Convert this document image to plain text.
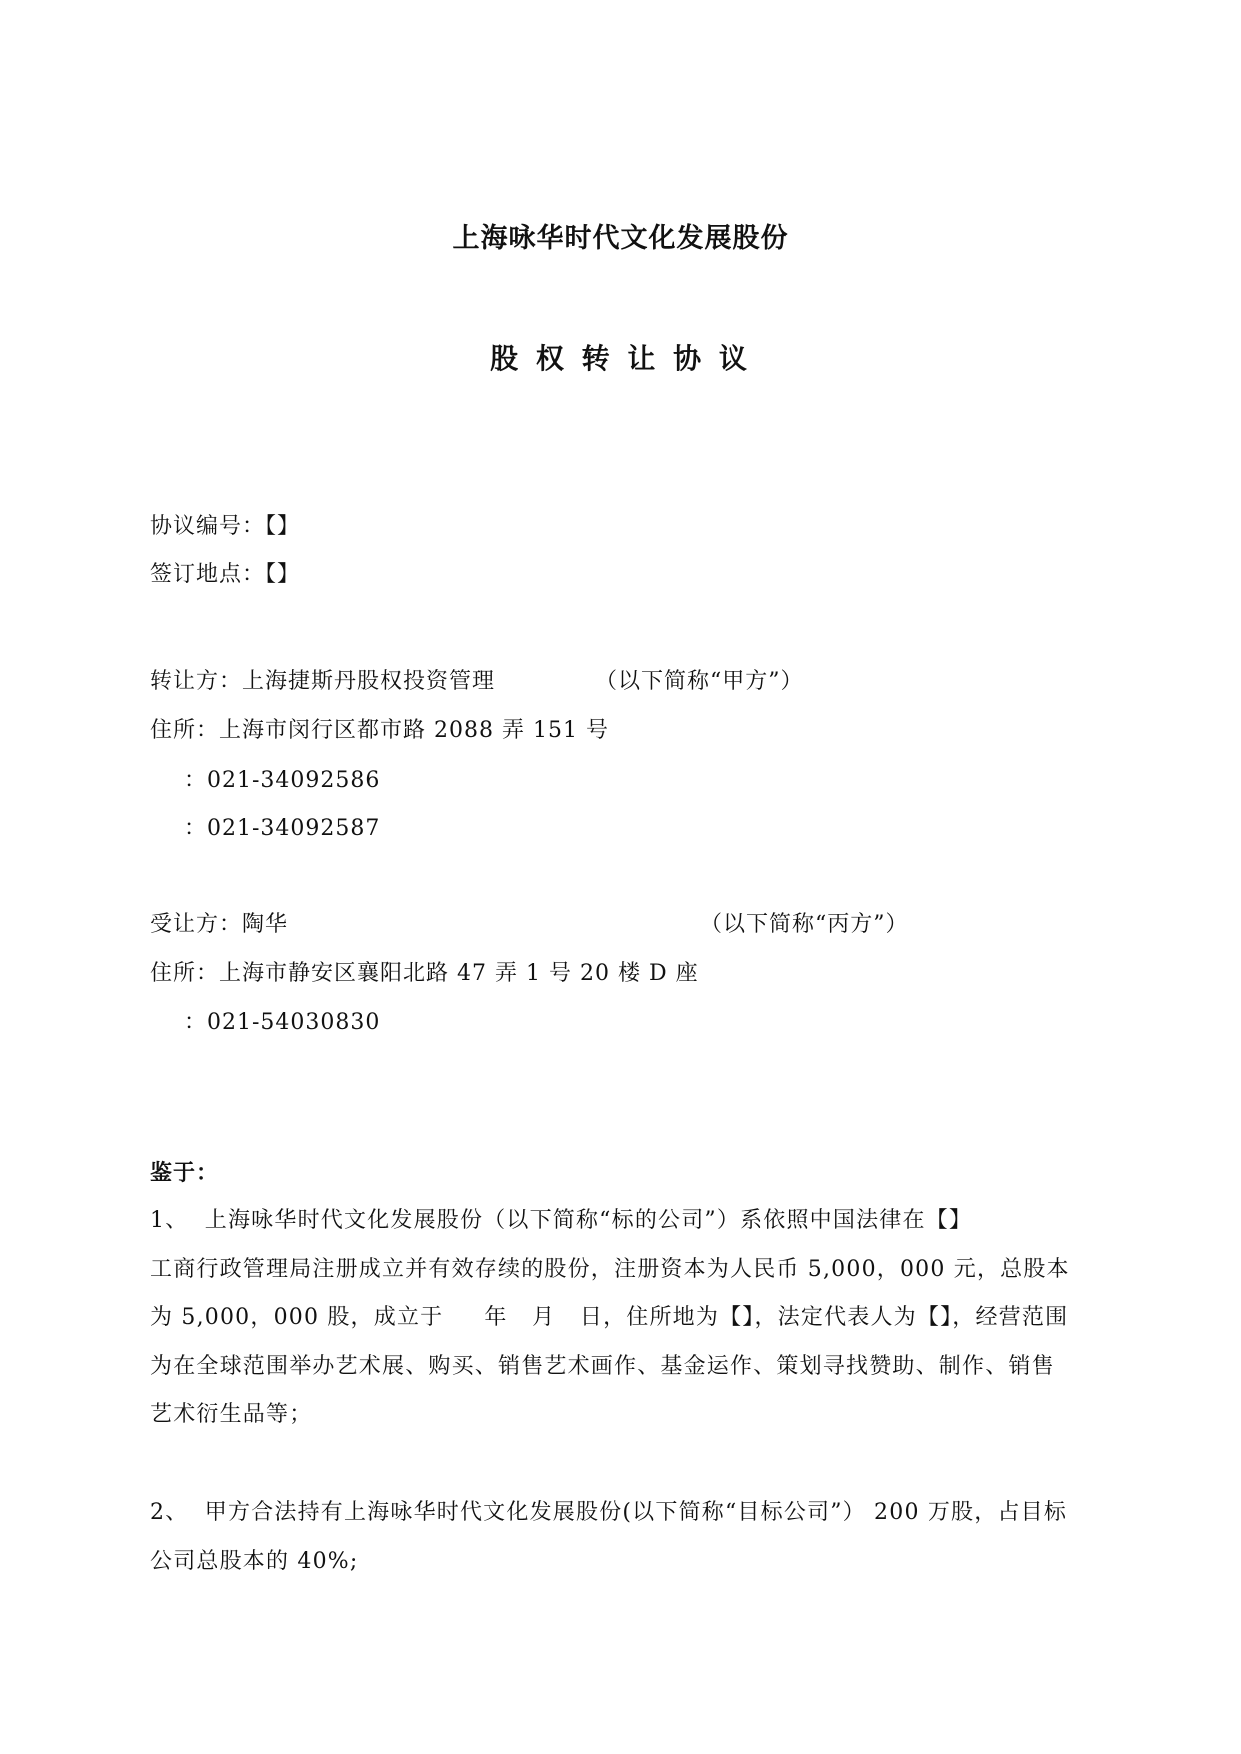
上海咏华时代文化发展股份
股 权 转 让 协 议
协议编号：【】
签订地点：【】
转让方：上海捷斯丹股权投资管理	（以下简称“甲方”）
住所：上海市闵行区都市路 2088 弄 151 号
：021-34092586
：021-34092587
受让方：陶华	（以下简称“丙方”）
住所：上海市静安区襄阳北路 47 弄 1 号 20 楼 D 座
：021-54030830
鉴于：
1、  上海咏华时代文化发展股份（以下简称“标的公司”）系依照中国法律在【】
工商行政管理局注册成立并有效存续的股份，注册资本为人民币 5,000，000 元，总股本
为 5,000，000 股，成立于     年   月   日，住所地为【】，法定代表人为【】，经营范围
为在全球范围举办艺术展、购买、销售艺术画作、基金运作、策划寻找赞助、制作、销售
艺术衍生品等；
2、  甲方合法持有上海咏华时代文化发展股份(以下简称“目标公司”） 200 万股，占目标
公司总股本的 40%;
